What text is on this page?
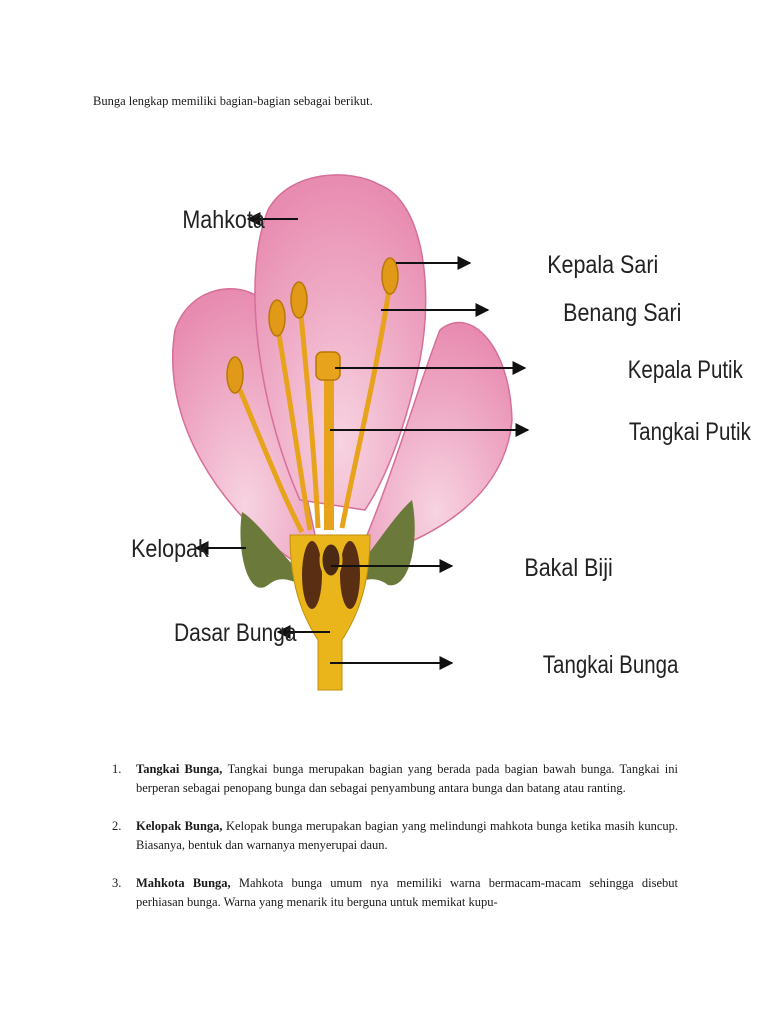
Bunga lengkap memiliki bagian-bagian sebagai berikut.

Mahkota
Kepala Sari
Benang Sari
Kepala Putik
Tangkai Putik
Kelopak
Bakal Biji
Dasar Bunga
Tangkai Bunga
1. Tangkai Bunga, Tangkai bunga merupakan bagian yang berada pada bagian bawah bunga. Tangkai ini berperan sebagai penopang bunga dan sebagai penyambung antara bunga dan batang atau ranting.
2. Kelopak Bunga, Kelopak bunga merupakan bagian yang melindungi mahkota bunga ketika masih kuncup. Biasanya, bentuk dan warnanya menyerupai daun.
3. Mahkota Bunga, Mahkota bunga umum nya memiliki warna bermacam-macam sehingga disebut perhiasan bunga. Warna yang menarik itu berguna untuk memikat kupu-
